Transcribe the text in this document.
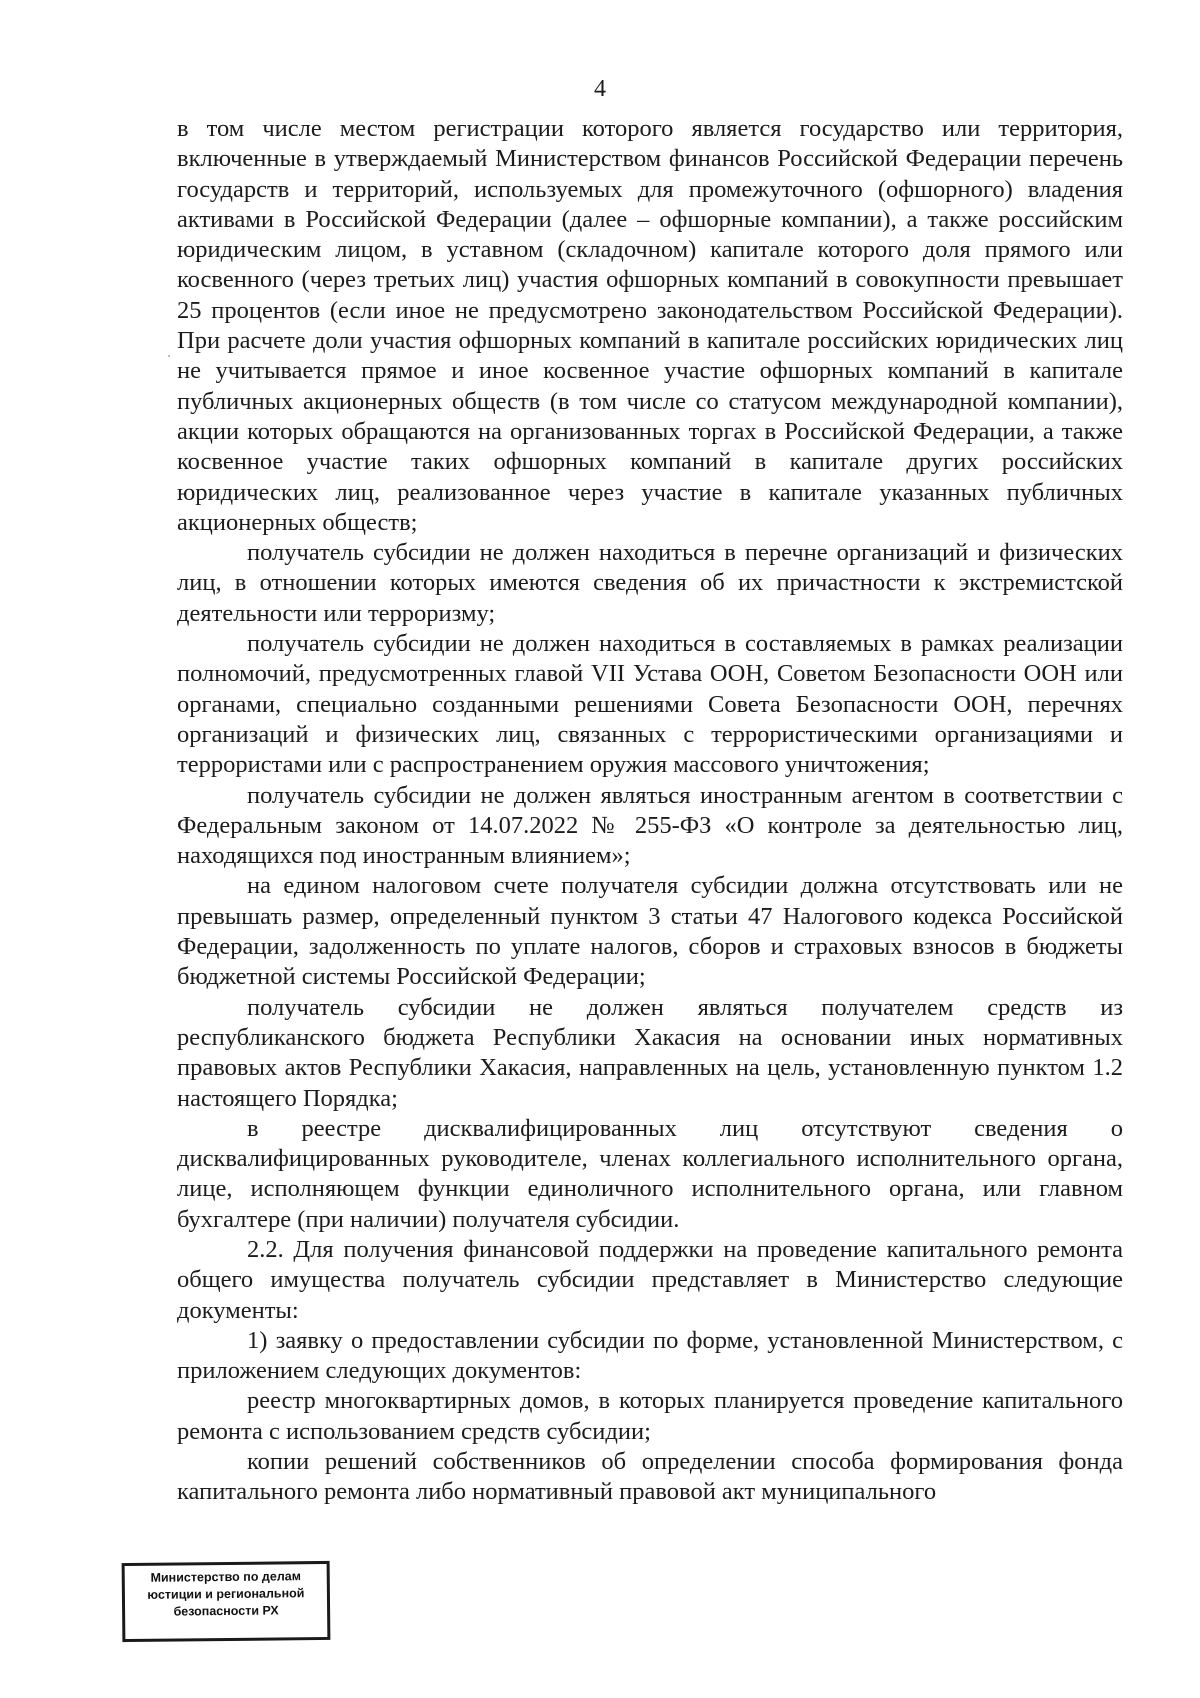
4

в том числе местом регистрации которого является государство или территория, включенные в утверждаемый Министерством финансов Российской Федерации перечень государств и территорий, используемых для промежуточного (офшорного) владения активами в Российской Федерации (далее – офшорные компании), а также российским юридическим лицом, в уставном (складочном) капитале которого доля прямого или косвенного (через третьих лиц) участия офшорных компаний в совокупности превышает 25 процентов (если иное не предусмотрено законодательством Российской Федерации). При расчете доли участия офшорных компаний в капитале российских юридических лиц не учитывается прямое и иное косвенное участие офшорных компаний в капитале публичных акционерных обществ (в том числе со статусом международной компании), акции которых обращаются на организованных торгах в Российской Федерации, а также косвенное участие таких офшорных компаний в капитале других российских юридических лиц, реализованное через участие в капитале указанных публичных акционерных обществ;

получатель субсидии не должен находиться в перечне организаций и физических лиц, в отношении которых имеются сведения об их причастности к экстремистской деятельности или терроризму;

получатель субсидии не должен находиться в составляемых в рамках реализации полномочий, предусмотренных главой VII Устава ООН, Советом Безопасности ООН или органами, специально созданными решениями Совета Безопасности ООН, перечнях организаций и физических лиц, связанных с террористическими организациями и террористами или с распространением оружия массового уничтожения;

получатель субсидии не должен являться иностранным агентом в соответствии с Федеральным законом от 14.07.2022 № 255-ФЗ «О контроле за деятельностью лиц, находящихся под иностранным влиянием»;

на едином налоговом счете получателя субсидии должна отсутствовать или не превышать размер, определенный пунктом 3 статьи 47 Налогового кодекса Российской Федерации, задолженность по уплате налогов, сборов и страховых взносов в бюджеты бюджетной системы Российской Федерации;

получатель субсидии не должен являться получателем средств из республиканского бюджета Республики Хакасия на основании иных нормативных правовых актов Республики Хакасия, направленных на цель, установленную пунктом 1.2 настоящего Порядка;

в реестре дисквалифицированных лиц отсутствуют сведения о дисквалифицированных руководителе, членах коллегиального исполнительного органа, лице, исполняющем функции единоличного исполнительного органа, или главном бухгалтере (при наличии) получателя субсидии.

2.2. Для получения финансовой поддержки на проведение капитального ремонта общего имущества получатель субсидии представляет в Министерство следующие документы:

1) заявку о предоставлении субсидии по форме, установленной Министерством, с приложением следующих документов:

реестр многоквартирных домов, в которых планируется проведение капитального ремонта с использованием средств субсидии;

копии решений собственников об определении способа формирования фонда капитального ремонта либо нормативный правовой акт муниципального

Министерство по делам
юстиции и региональной
безопасности РХ
